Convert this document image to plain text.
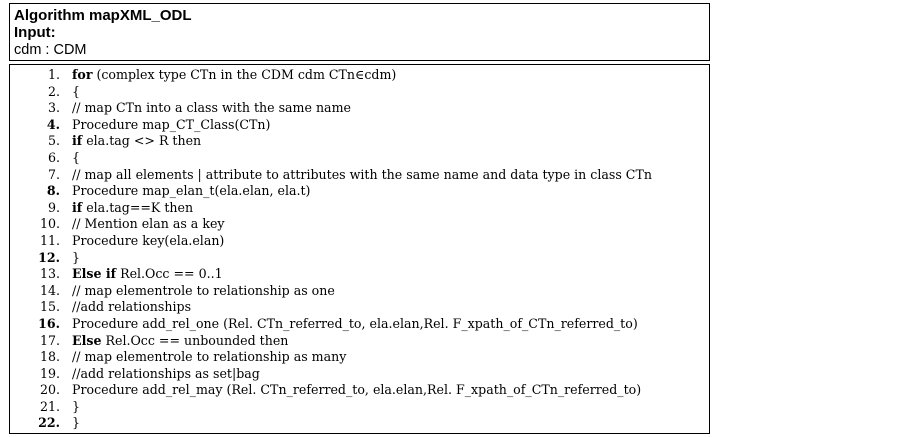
Algorithm mapXML_ODL
Input:
cdm : CDM
1. for (complex type CTn in the CDM cdm CTn∈cdm)
2. {
3. // map CTn into a class with the same name
4. Procedure map_CT_Class(CTn)
5. if ela.tag <> R then
6. {
7. // map all elements | attribute to attributes with the same name and data type in class CTn
8. Procedure map_elan_t(ela.elan, ela.t)
9. if ela.tag==K then
10. // Mention elan as a key
11. Procedure key(ela.elan)
12. }
13. Else if Rel.Occ == 0..1
14. // map elementrole to relationship as one
15. //add relationships
16. Procedure add_rel_one (Rel. CTn_referred_to, ela.elan,Rel. F_xpath_of_CTn_referred_to)
17. Else Rel.Occ == unbounded then
18. // map elementrole to relationship as many
19. //add relationships as set|bag
20. Procedure add_rel_may (Rel. CTn_referred_to, ela.elan,Rel. F_xpath_of_CTn_referred_to)
21. }
22. }
